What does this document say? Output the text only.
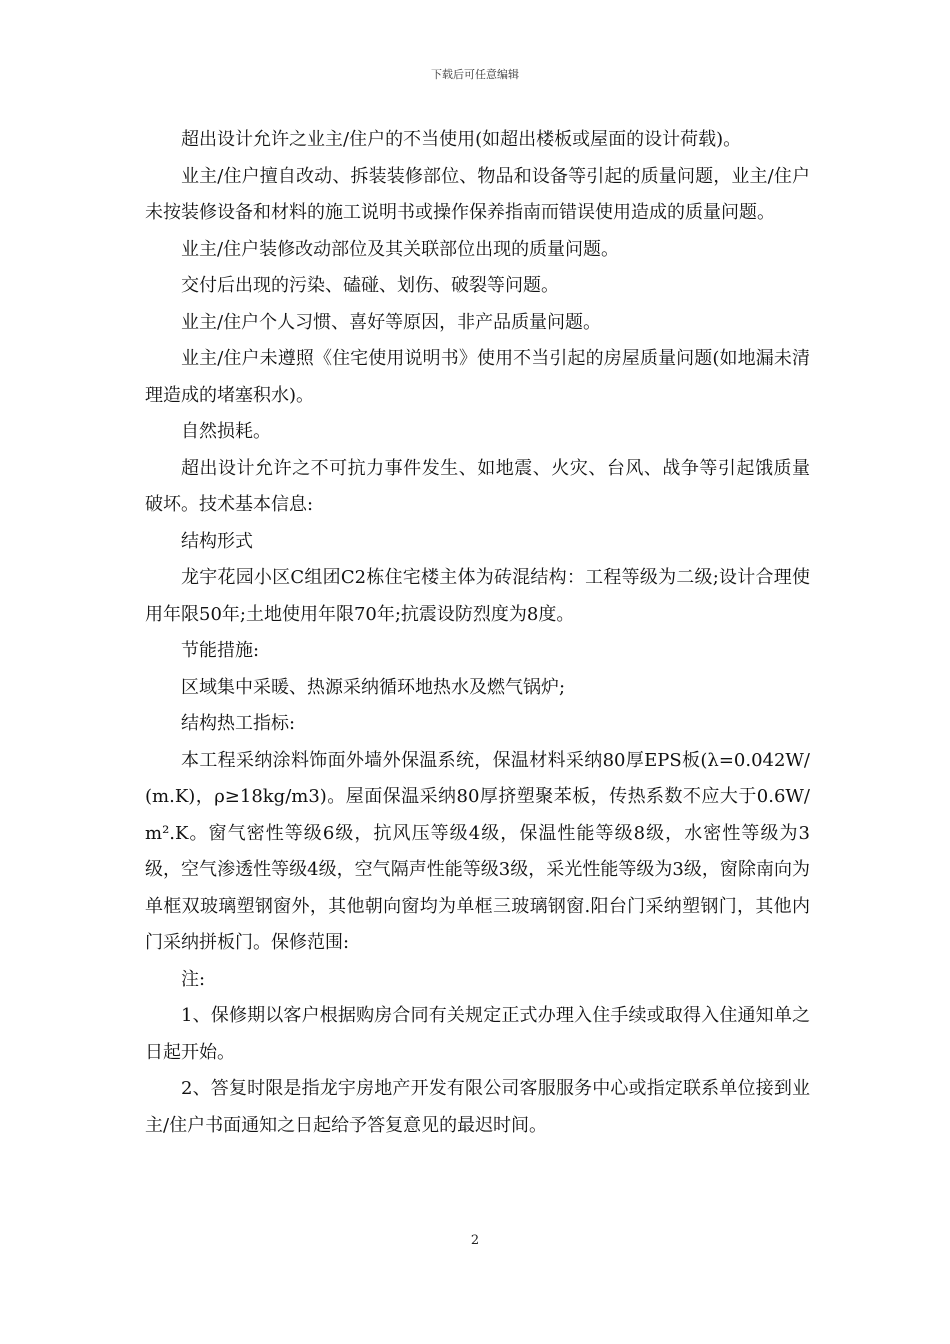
下载后可任意编辑

超出设计允许之业主/住户的不当使用(如超出楼板或屋面的设计荷载)。

业主/住户擅自改动、拆装装修部位、物品和设备等引起的质量问题，业主/住户未按装修设备和材料的施工说明书或操作保养指南而错误使用造成的质量问题。

业主/住户装修改动部位及其关联部位出现的质量问题。

交付后出现的污染、磕碰、划伤、破裂等问题。

业主/住户个人习惯、喜好等原因，非产品质量问题。

业主/住户未遵照《住宅使用说明书》使用不当引起的房屋质量问题(如地漏未清理造成的堵塞积水)。

自然损耗。

超出设计允许之不可抗力事件发生、如地震、火灾、台风、战争等引起饿质量破坏。技术基本信息:

结构形式

龙宇花园小区C组团C2栋住宅楼主体为砖混结构：工程等级为二级;设计合理使用年限50年;土地使用年限70年;抗震设防烈度为8度。

节能措施:

区域集中采暖、热源采纳循环地热水及燃气锅炉;

结构热工指标:

本工程采纳涂料饰面外墙外保温系统，保温材料采纳80厚EPS板(λ=0.042W/(m.K)，ρ≥18kg/m3)。屋面保温采纳80厚挤塑聚苯板，传热系数不应大于0.6W/m².K。窗气密性等级6级，抗风压等级4级，保温性能等级8级，水密性等级为3级，空气渗透性等级4级，空气隔声性能等级3级，采光性能等级为3级，窗除南向为单框双玻璃塑钢窗外，其他朝向窗均为单框三玻璃钢窗.阳台门采纳塑钢门，其他内门采纳拼板门。保修范围:

注:

1、保修期以客户根据购房合同有关规定正式办理入住手续或取得入住通知单之日起开始。

2、答复时限是指龙宇房地产开发有限公司客服服务中心或指定联系单位接到业主/住户书面通知之日起给予答复意见的最迟时间。

2
